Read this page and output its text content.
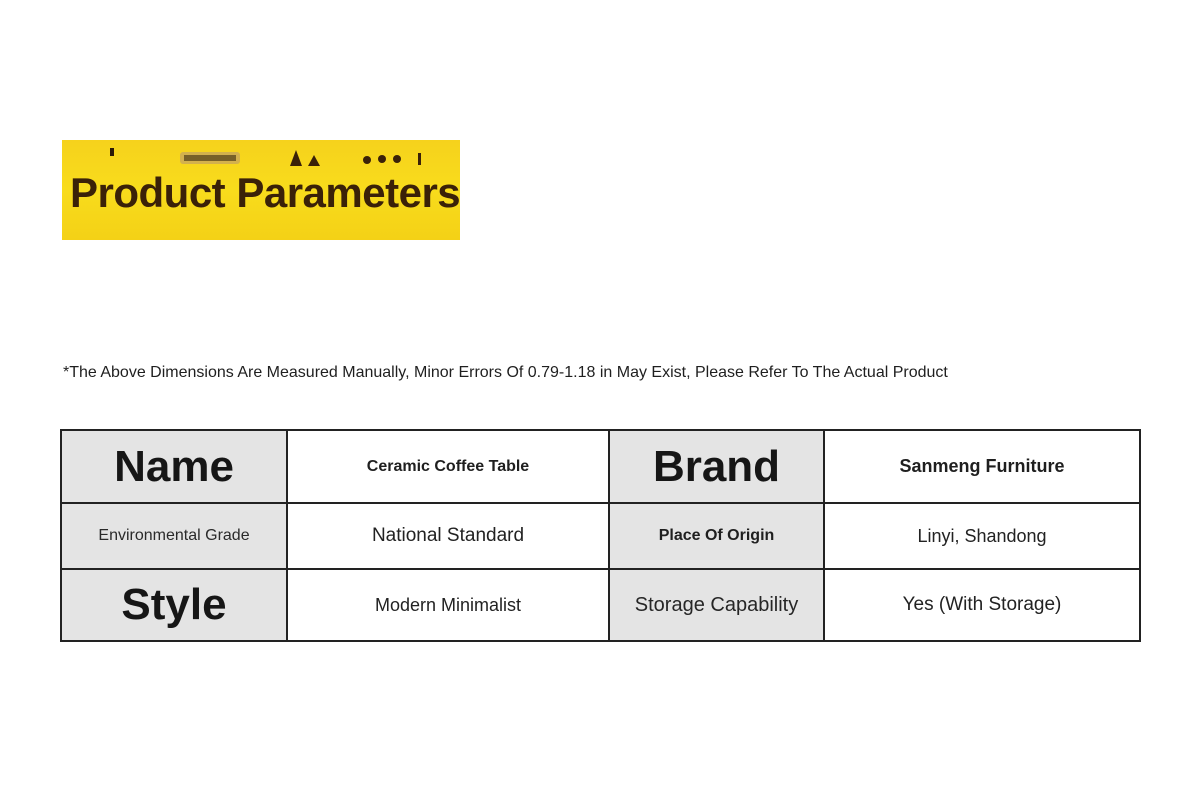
Product Parameters
*The Above Dimensions Are Measured Manually, Minor Errors Of 0.79-1.18 in May Exist, Please Refer To The Actual Product
Name	Ceramic Coffee Table	Brand	Sanmeng Furniture
Environmental Grade	National Standard	Place Of Origin	Linyi, Shandong
Style	Modern Minimalist	Storage Capability	Yes (With Storage)
